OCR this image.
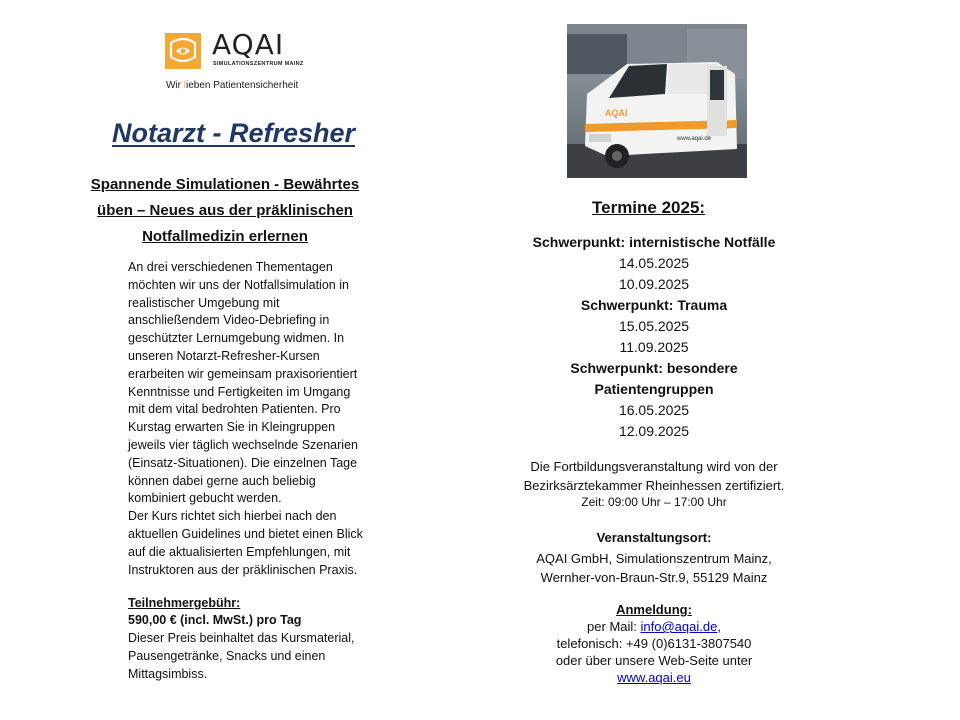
AQAI
SIMULATIONSZENTRUM MAINZ
Wir lieben Patientensicherheit
Notarzt - Refresher
Spannende Simulationen - Bewährtes
üben – Neues aus der präklinischen
Notfallmedizin erlernen
An drei verschiedenen Thementagen
möchten wir uns der Notfallsimulation in
realistischer Umgebung mit
anschließendem Video-Debriefing in
geschützter Lernumgebung widmen. In
unseren Notarzt-Refresher-Kursen
erarbeiten wir gemeinsam praxisorientiert
Kenntnisse und Fertigkeiten im Umgang
mit dem vital bedrohten Patienten. Pro
Kurstag erwarten Sie in Kleingruppen
jeweils vier täglich wechselnde Szenarien
(Einsatz-Situationen). Die einzelnen Tage
können dabei gerne auch beliebig
kombiniert gebucht werden.
Der Kurs richtet sich hierbei nach den
aktuellen Guidelines und bietet einen Blick
auf die aktualisierten Empfehlungen, mit
Instruktoren aus der präklinischen Praxis.
Teilnehmergebühr:
590,00 € (incl. MwSt.) pro Tag
Dieser Preis beinhaltet das Kursmaterial,
Pausengetränke, Snacks und einen
Mittagsimbiss.
AQAI
www.aqai.de
Termine 2025:
Schwerpunkt: internistische Notfälle
14.05.2025
10.09.2025
Schwerpunkt: Trauma
15.05.2025
11.09.2025
Schwerpunkt: besondere
Patientengruppen
16.05.2025
12.09.2025
Die Fortbildungsveranstaltung wird von der
Bezirksärztekammer Rheinhessen zertifiziert.
Zeit: 09:00 Uhr – 17:00 Uhr
Veranstaltungsort:
AQAI GmbH, Simulationszentrum Mainz,
Wernher-von-Braun-Str.9, 55129 Mainz
Anmeldung:
per Mail: info@aqai.de,
telefonisch: +49 (0)6131-3807540
oder über unsere Web-Seite unter
www.aqai.eu
